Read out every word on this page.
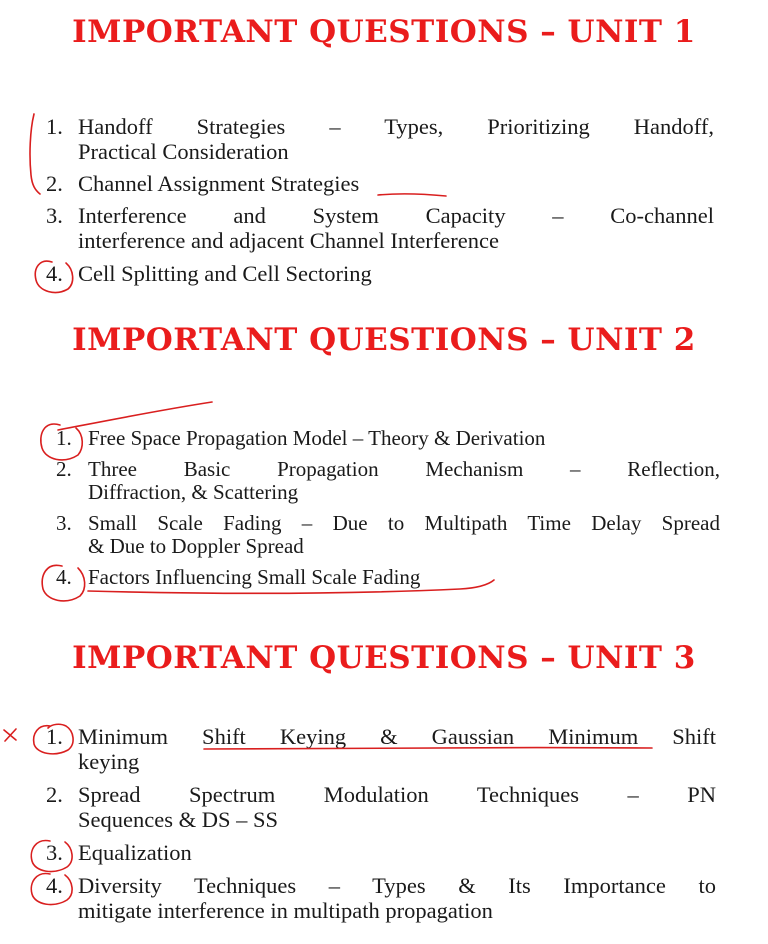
IMPORTANT QUESTIONS – UNIT 1
1. Handoff Strategies – Types, Prioritizing Handoff,
Practical Consideration
2. Channel Assignment Strategies
3. Interference and System Capacity – Co-channel
interference and adjacent Channel Interference
4. Cell Splitting and Cell Sectoring
IMPORTANT QUESTIONS – UNIT 2
1. Free Space Propagation Model – Theory & Derivation
2. Three Basic Propagation Mechanism – Reflection,
Diffraction, & Scattering
3. Small Scale Fading – Due to Multipath Time Delay Spread
& Due to Doppler Spread
4. Factors Influencing Small Scale Fading
IMPORTANT QUESTIONS – UNIT 3
1. Minimum Shift Keying & Gaussian Minimum Shift
keying
2. Spread Spectrum Modulation Techniques – PN
Sequences & DS – SS
3. Equalization
4. Diversity Techniques – Types & Its Importance to
mitigate interference in multipath propagation
